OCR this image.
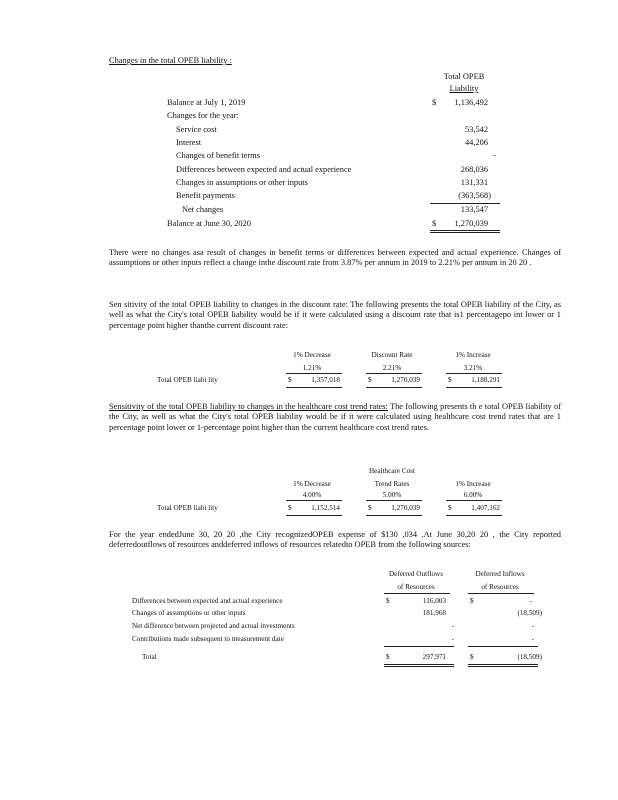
Changes in the total OPEB liability :
Total OPEB
Liability
Balance at July 1, 2019	$	1,136,492
Changes for the year:
Service cost	53,542
Interest	44,206
Changes of benefit terms	-
Differences between expected and actual experience	268,036
Changes in assumptions or other inputs	131,331
Benefit payments	(363,568)
Net changes	133,547
Balance at June 30, 2020	$	1,270,039
There were no changes asa result of changes in benefit terms or differences between expected and actual experience. Changes of assumptions or other inputs reflect a change inthe discount rate from 3.87% per annum in 2019 to 2.21% per annum in 20 20 .
Sen sitivity of the total OPEB liability to changes in the discount rate: The following presents the total OPEB liability of the City, as well as what the City's total OPEB liability would be if it were calculated using a discount rate that is1 percentagepo int lower or 1 percentage point higher thanthe current discount rate:
1% Decrease	Discount Rate	1% Increase
1.21%	2.21%	3.21%
Total OPEB liabi lity	$	1,357,018	$	1,270,039	$	1,188,291
Sensitivity of the total OPEB liability to changes in the healthcare cost trend rates: The following presents th e total OPEB liability of the City, as well as what the City's total OPEB liability would be if it were calculated using healthcare cost trend rates that are 1 percentage point lower or 1-percentage point higher than the current healthcare cost trend rates.
Healthcare Cost
1% Decrease	Trend Rates	1% Increase
4.00%	5.00%	6.00%
Total OPEB liabi lity	$	1,152,514	$	1,270,039	$	1,407,162
For the year endedJune 30, 20 20 ,the City recognizedOPEB expense of $130 ,034 .At June 30,20 20 , the City reported deferredoutflows of resources anddeferred inflows of resources relatedto OPEB from the following sources:
Deferred Outflows
of Resources
Deferred Inflows
of Resources
Differences between expected and actual experience	$	116,003	$	-
Changes of assumptions or other inputs	181,968	(18,509)
Net difference between projected and actual investments	-	-
Contributions made subsequent to measurement date	-	-
Total	$	297,971	$	(18,509)
